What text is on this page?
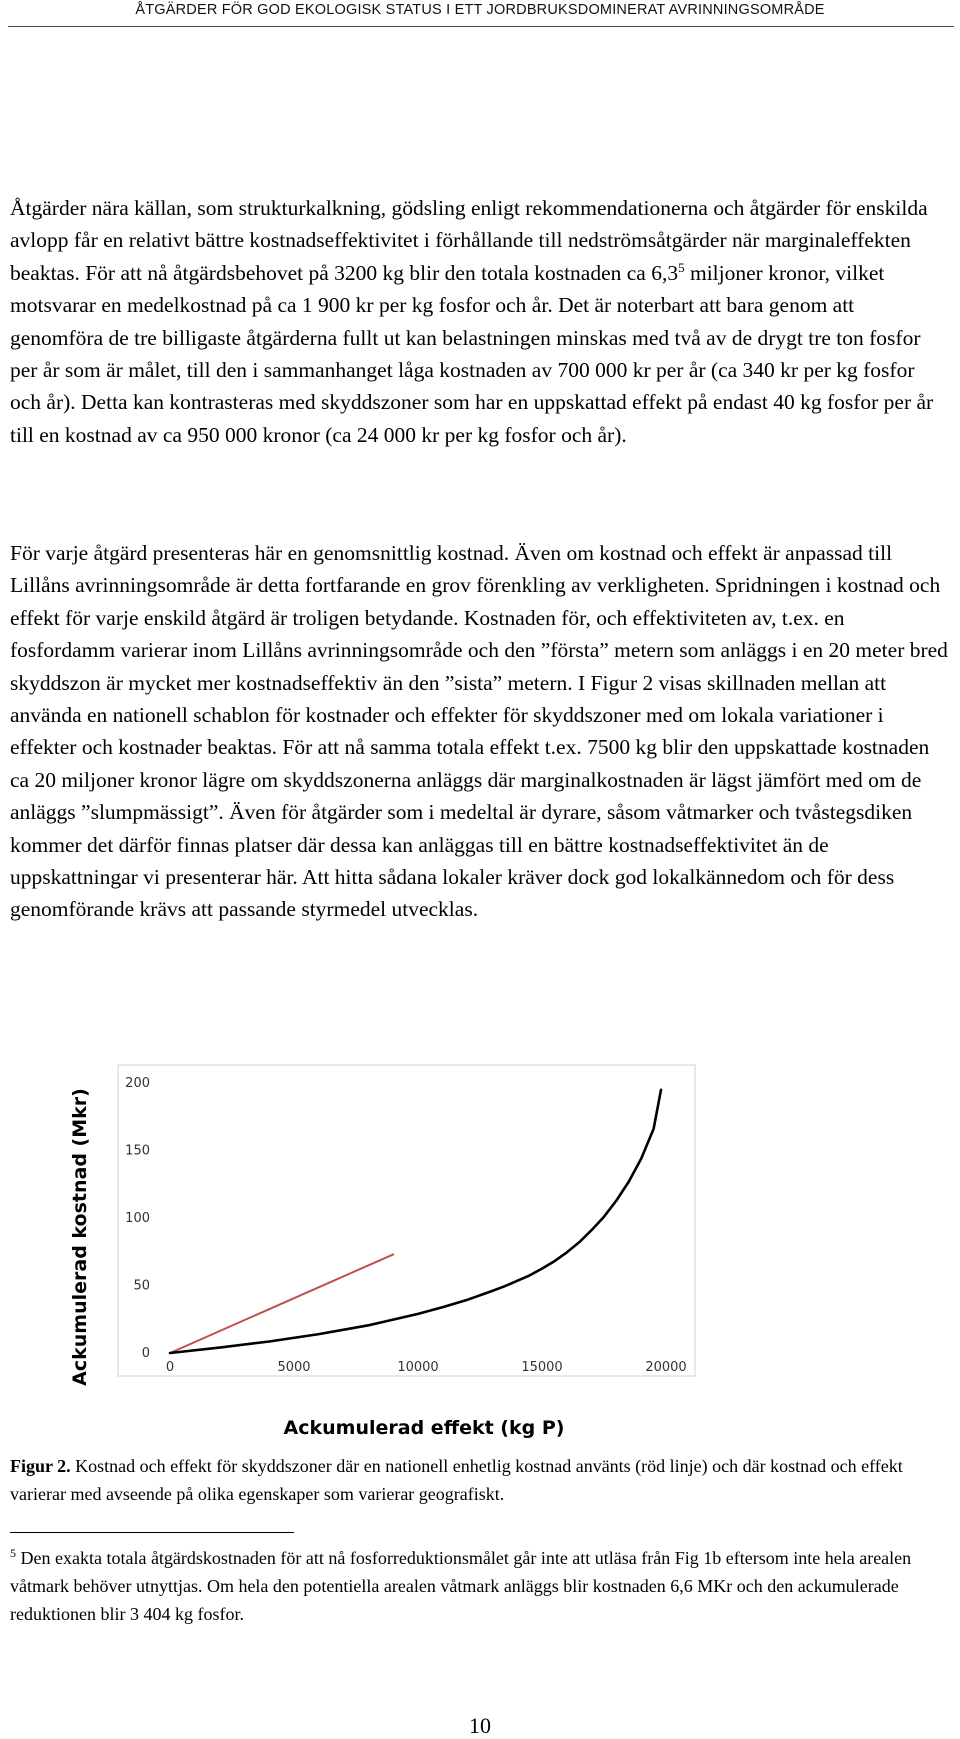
ÅTGÄRDER FÖR GOD EKOLOGISK STATUS I ETT JORDBRUKSDOMINERAT AVRINNINGSOMRÅDE

Åtgärder nära källan, som strukturkalkning, gödsling enligt rekommendationerna och åtgärder för enskilda avlopp får en relativt bättre kostnadseffektivitet i förhållande till nedströmsåtgärder när marginaleffekten beaktas. För att nå åtgärdsbehovet på 3200 kg blir den totala kostnaden ca $6,3^5$ miljoner kronor, vilket motsvarar en medelkostnad på ca 1 900 kr per kg fosfor och år. Det är noterbart att bara genom att genomföra de tre billigaste åtgärderna fullt ut kan belastningen minskas med två av de drygt tre ton fosfor per år som är målet, till den i sammanhanget låga kostnaden av 700 000 kr per år (ca 340 kr per kg fosfor och år). Detta kan kontrasteras med skyddszoner som har en uppskattad effekt på endast 40 kg fosfor per år till en kostnad av ca 950 000 kronor (ca 24 000 kr per kg fosfor och år).

För varje åtgärd presenteras här en genomsnittlig kostnad. Även om kostnad och effekt är anpassad till Lillåns avrinningsområde är detta fortfarande en grov förenkling av verkligheten. Spridningen i kostnad och effekt för varje enskild åtgärd är troligen betydande. Kostnaden för, och effektiviteten av, t.ex. en fosfordamm varierar inom Lillåns avrinningsområde och den ”första” metern som anläggs i en 20 meter bred skyddszon är mycket mer kostnadseffektiv än den ”sista” metern. I Figur 2 visas skillnaden mellan att använda en nationell schablon för kostnader och effekter för skyddszoner med om lokala variationer i effekter och kostnader beaktas. För att nå samma totala effekt t.ex. 7500 kg blir den uppskattade kostnaden ca 20 miljoner kronor lägre om skyddszonerna anläggs där marginalkostnaden är lägst jämfört med om de anläggs ”slumpmässigt”. Även för åtgärder som i medeltal är dyrare, såsom våtmarker och tvåstegsdiken kommer det därför finnas platser där dessa kan anläggas till en bättre kostnadseffektivitet än de uppskattningar vi presenterar här. Att hitta sådana lokaler kräver dock god lokalkännedom och för dess genomförande krävs att passande styrmedel utvecklas.

0
50
100
150
200
0	5000	10000	15000	20000
Ackumulerad kostnad (Mkr)
Ackumulerad effekt (kg P)

Figur 2. Kostnad och effekt för skyddszoner där en nationell enhetlig kostnad använts (röd linje) och där kostnad och effekt varierar med avseende på olika egenskaper som varierar geografiskt.

$^5$ Den exakta totala åtgärdskostnaden för att nå fosforreduktionsmålet går inte att utläsa från Fig 1b eftersom inte hela arealen våtmark behöver utnyttjas. Om hela den potentiella arealen våtmark anläggs blir kostnaden 6,6 MKr och den ackumulerade reduktionen blir 3 404 kg fosfor.

10
